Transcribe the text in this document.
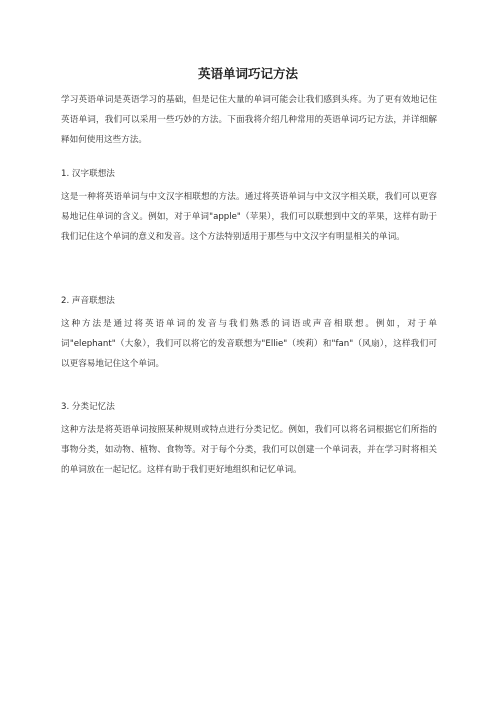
英语单词巧记方法
学习英语单词是英语学习的基础，但是记住大量的单词可能会让我们感到头疼。为了更有效地记住英语单词，我们可以采用一些巧妙的方法。下面我将介绍几种常用的英语单词巧记方法，并详细解释如何使用这些方法。
1. 汉字联想法
这是一种将英语单词与中文汉字相联想的方法。通过将英语单词与中文汉字相关联，我们可以更容易地记住单词的含义。例如，对于单词"apple"（苹果），我们可以联想到中文的苹果，这样有助于我们记住这个单词的意义和发音。这个方法特别适用于那些与中文汉字有明显相关的单词。
2. 声音联想法
这种方法是通过将英语单词的发音与我们熟悉的词语或声音相联想。例如，对于单词"elephant"（大象），我们可以将它的发音联想为"Ellie"（埃莉）和"fan"（风扇），这样我们可以更容易地记住这个单词。
3. 分类记忆法
这种方法是将英语单词按照某种规则或特点进行分类记忆。例如，我们可以将名词根据它们所指的事物分类，如动物、植物、食物等。对于每个分类，我们可以创建一个单词表，并在学习时将相关的单词放在一起记忆。这样有助于我们更好地组织和记忆单词。
